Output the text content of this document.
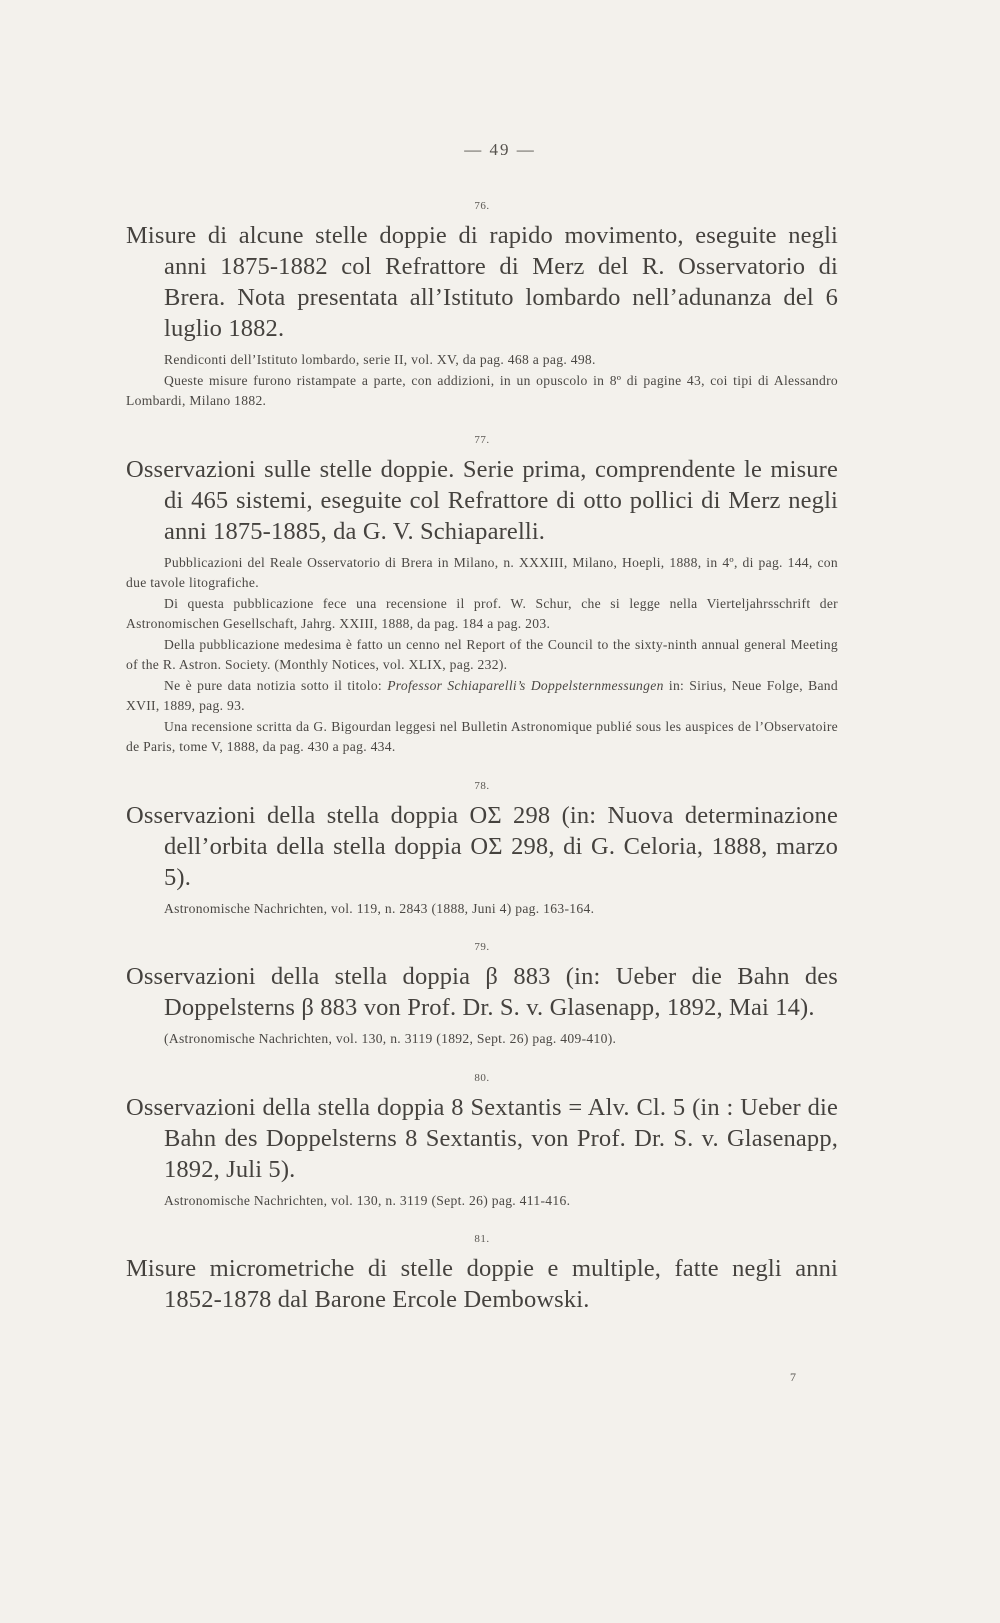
— 49 —
76.

Misure di alcune stelle doppie di rapido movimento, eseguite negli anni 1875-1882 col Refrattore di Merz del R. Osservatorio di Brera. Nota presentata all’Istituto lombardo nell’adunanza del 6 luglio 1882.

Rendiconti dell’Istituto lombardo, serie II, vol. XV, da pag. 468 a pag. 498.

Queste misure furono ristampate a parte, con addizioni, in un opuscolo in 8º di pagine 43, coi tipi di Alessandro Lombardi, Milano 1882.

77.

Osservazioni sulle stelle doppie. Serie prima, comprendente le misure di 465 sistemi, eseguite col Refrattore di otto pollici di Merz negli anni 1875-1885, da G. V. Schiaparelli.

Pubblicazioni del Reale Osservatorio di Brera in Milano, n. XXXIII, Milano, Hoepli, 1888, in 4º, di pag. 144, con due tavole litografiche.

Di questa pubblicazione fece una recensione il prof. W. Schur, che si legge nella Vierteljahrsschrift der Astronomischen Gesellschaft, Jahrg. XXIII, 1888, da pag. 184 a pag. 203.

Della pubblicazione medesima è fatto un cenno nel Report of the Council to the sixty-ninth annual general Meeting of the R. Astron. Society. (Monthly Notices, vol. XLIX, pag. 232).

Ne è pure data notizia sotto il titolo: Professor Schiaparelli’s Doppelsternmessungen in: Sirius, Neue Folge, Band XVII, 1889, pag. 93.

Una recensione scritta da G. Bigourdan leggesi nel Bulletin Astronomique publié sous les auspices de l’Observatoire de Paris, tome V, 1888, da pag. 430 a pag. 434.

78.

Osservazioni della stella doppia OΣ 298 (in: Nuova determinazione dell’orbita della stella doppia OΣ 298, di G. Celoria, 1888, marzo 5).

Astronomische Nachrichten, vol. 119, n. 2843 (1888, Juni 4) pag. 163-164.

79.

Osservazioni della stella doppia β 883 (in: Ueber die Bahn des Doppelsterns β 883 von Prof. Dr. S. v. Glasenapp, 1892, Mai 14).

(Astronomische Nachrichten, vol. 130, n. 3119 (1892, Sept. 26) pag. 409-410).

80.

Osservazioni della stella doppia 8 Sextantis = Alv. Cl. 5 (in : Ueber die Bahn des Doppelsterns 8 Sextantis, von Prof. Dr. S. v. Glasenapp, 1892, Juli 5).

Astronomische Nachrichten, vol. 130, n. 3119 (Sept. 26) pag. 411-416.

81.

Misure micrometriche di stelle doppie e multiple, fatte negli anni 1852-1878 dal Barone Ercole Dembowski.

7
